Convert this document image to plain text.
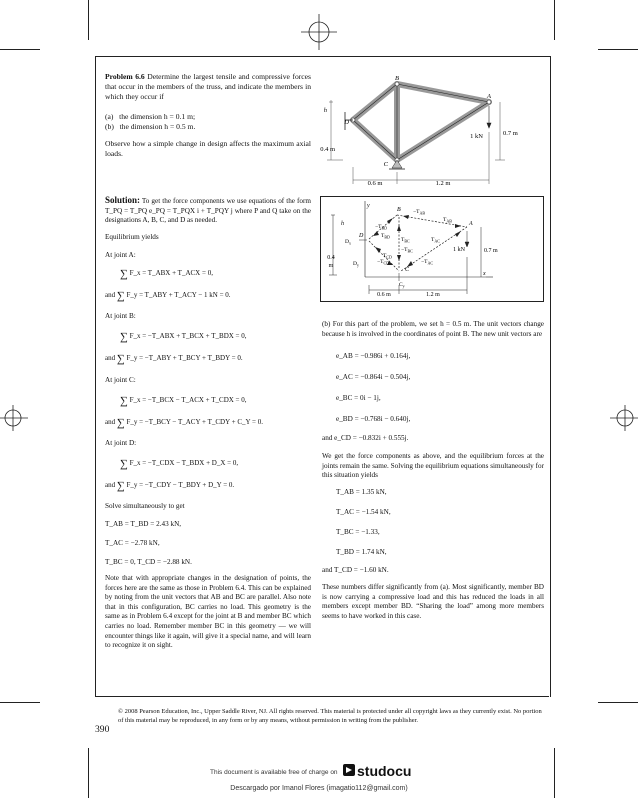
Problem 6.6 Determine the largest tensile and compressive forces that occur in the members of the truss, and indicate the members in which they occur if
(a) the dimension h = 0.1 m;
(b) the dimension h = 0.5 m.
Observe how a simple change in design affects the maximum axial loads.
B
A
D
C
h
1 kN	0.7 m
0.4 m
0.6 m	1.2 m
Solution: To get the force components we use equations of the form T_PQ = T_PQ e_PQ = T_PQX i + T_PQY j where P and Q take on the designations A, B, C, and D as needed.
Equilibrium yields
At joint A:
∑ F_x = T_ABX + T_ACX = 0,
and ∑ F_y = T_ABY + T_ACY − 1 kN = 0.
At joint B:
∑ F_x = −T_ABX + T_BCX + T_BDX = 0,
and ∑ F_y = −T_ABY + T_BCY + T_BDY = 0.
At joint C:
∑ F_x = −T_BCX − T_ACX + T_CDX = 0,
and ∑ F_y = −T_BCY − T_ACY + T_CDY + C_Y = 0.
At joint D:
∑ F_x = −T_CDX − T_BDX + D_X = 0,
and ∑ F_y = −T_CDY − T_BDY + D_Y = 0.
Solve simultaneously to get
T_AB = T_BD = 2.43 kN,
T_AC = −2.78 kN,
T_BC = 0, T_CD = −2.88 kN.
Note that with appropriate changes in the designation of points, the forces here are the same as those in Problem 6.4. This can be explained by noting from the unit vectors that AB and BC are parallel. Also note that in this configuration, BC carries no load. This geometry is the same as in Problem 6.4 except for the joint at B and member BC which carries no load. Remember member BC in this geometry — we will encounter things like it again, will give it a special name, and will learn to recognize it on sight.
y
x
B
A
D
C
h	$-T_{BD}$
$-T_{AB}$
$T_{AB}$
$T_{BD}$ $T_{BC}$	$T_{AC}$
$-T_{BC}$
$T_{CD}$
$-T_{CD}$	$-T_{AC}$
$D_x$
$D_y$
$C_y$
1 kN	0.7 m
0.4
m
0.6 m	1.2 m
(b) For this part of the problem, we set h = 0.5 m. The unit vectors change because h is involved in the coordinates of point B. The new unit vectors are
e_AB = −0.986i + 0.164j,
e_AC = −0.864i − 0.504j,
e_BC = 0i − 1j,
e_BD = −0.768i − 0.640j,
and e_CD = −0.832i + 0.555j.
We get the force components as above, and the equilibrium forces at the joints remain the same. Solving the equilibrium equations simultaneously for this situation yields
T_AB = 1.35 kN,
T_AC = −1.54 kN,
T_BC = −1.33,
T_BD = 1.74 kN,
and T_CD = −1.60 kN.
These numbers differ significantly from (a). Most significantly, member BD is now carrying a compressive load and this has reduced the loads in all members except member BD. “Sharing the load” among more members seems to have worked in this case.
© 2008 Pearson Education, Inc., Upper Saddle River, NJ. All rights reserved. This material is protected under all copyright laws as they currently exist. No portion of this material may be reproduced, in any form or by any means, without permission in writing from the publisher.
390
This document is available free of charge on studocu
Descargado por Imanol Flores (imagatio112@gmail.com)
